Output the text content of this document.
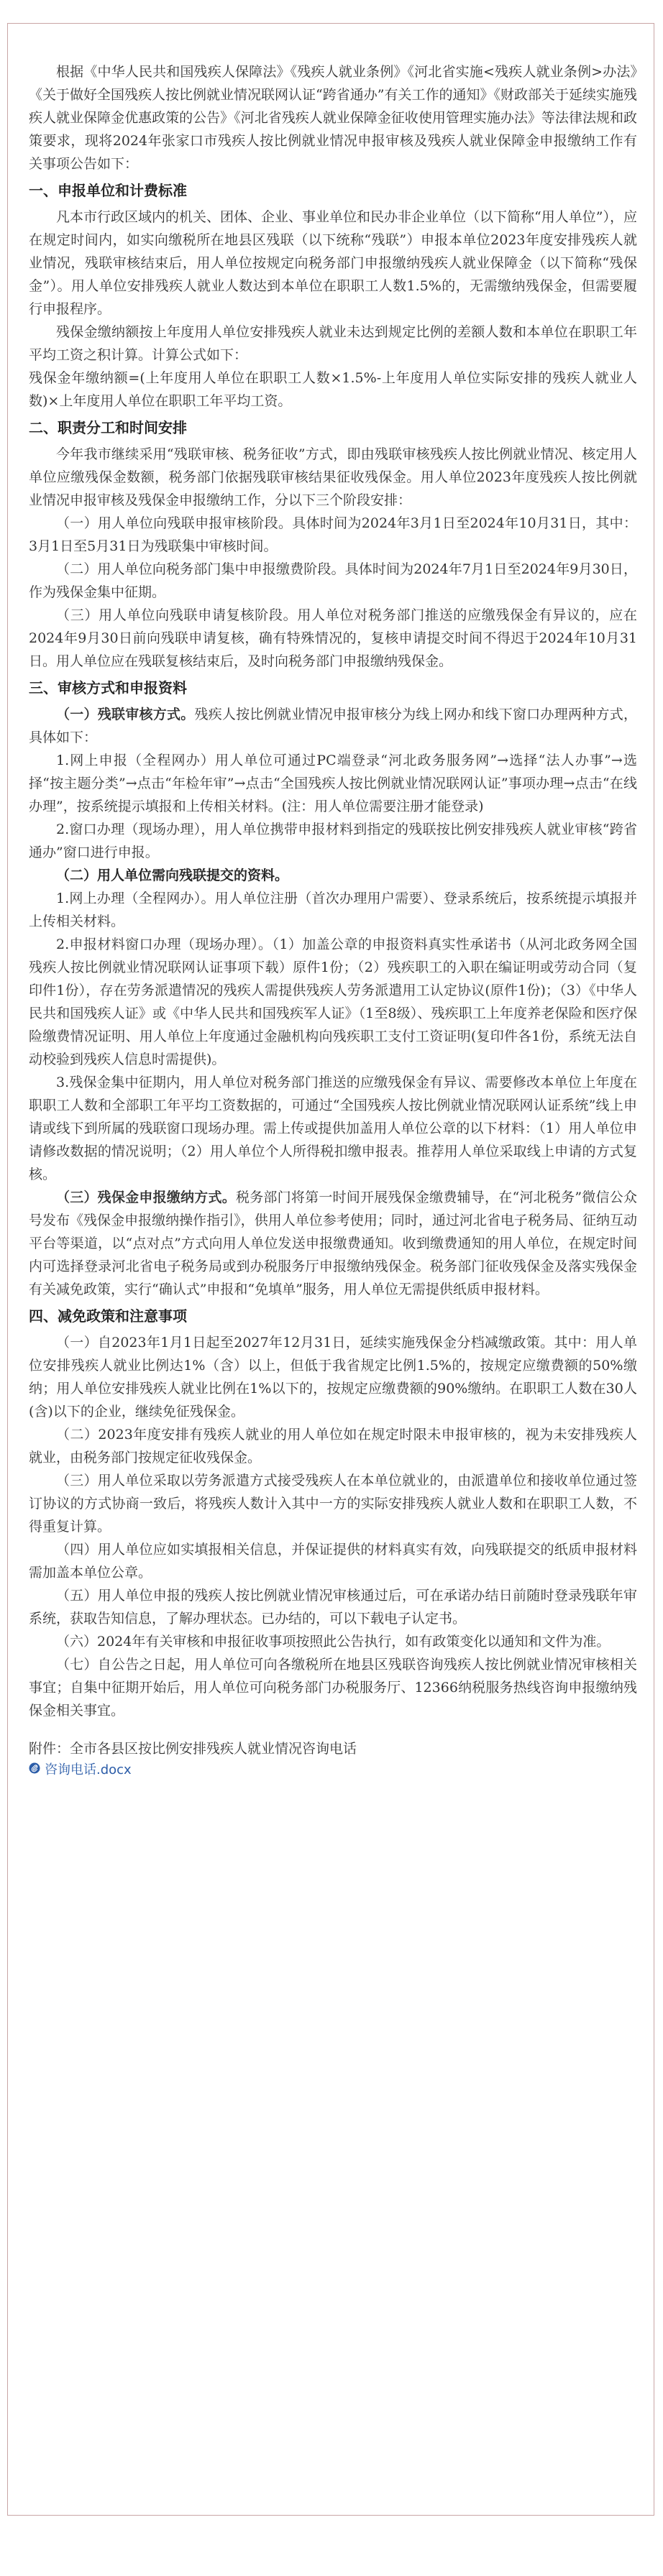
根据《中华人民共和国残疾人保障法》《残疾人就业条例》《河北省实施<残疾人就业条例>办法》《关于做好全国残疾人按比例就业情况联网认证“跨省通办”有关工作的通知》《财政部关于延续实施残疾人就业保障金优惠政策的公告》《河北省残疾人就业保障金征收使用管理实施办法》等法律法规和政策要求，现将2024年张家口市残疾人按比例就业情况申报审核及残疾人就业保障金申报缴纳工作有关事项公告如下：

一、申报单位和计费标准

凡本市行政区域内的机关、团体、企业、事业单位和民办非企业单位（以下简称“用人单位”），应在规定时间内，如实向缴税所在地县区残联（以下统称“残联”）申报本单位2023年度安排残疾人就业情况，残联审核结束后，用人单位按规定向税务部门申报缴纳残疾人就业保障金（以下简称“残保金”）。用人单位安排残疾人就业人数达到本单位在职职工人数1.5%的，无需缴纳残保金，但需要履行申报程序。

残保金缴纳额按上年度用人单位安排残疾人就业未达到规定比例的差额人数和本单位在职职工年平均工资之积计算。计算公式如下：

残保金年缴纳额=(上年度用人单位在职职工人数×1.5%-上年度用人单位实际安排的残疾人就业人数)×上年度用人单位在职职工年平均工资。

二、职责分工和时间安排

今年我市继续采用“残联审核、税务征收”方式，即由残联审核残疾人按比例就业情况、核定用人单位应缴残保金数额，税务部门依据残联审核结果征收残保金。用人单位2023年度残疾人按比例就业情况申报审核及残保金申报缴纳工作，分以下三个阶段安排：

（一）用人单位向残联申报审核阶段。具体时间为2024年3月1日至2024年10月31日，其中：3月1日至5月31日为残联集中审核时间。

（二）用人单位向税务部门集中申报缴费阶段。具体时间为2024年7月1日至2024年9月30日，作为残保金集中征期。

（三）用人单位向残联申请复核阶段。用人单位对税务部门推送的应缴残保金有异议的，应在2024年9月30日前向残联申请复核，确有特殊情况的，复核申请提交时间不得迟于2024年10月31日。用人单位应在残联复核结束后，及时向税务部门申报缴纳残保金。

三、审核方式和申报资料

（一）残联审核方式。残疾人按比例就业情况申报审核分为线上网办和线下窗口办理两种方式，具体如下：

1.网上申报（全程网办）用人单位可通过PC端登录“河北政务服务网”→选择“法人办事”→选择“按主题分类”→点击“年检年审”→点击“全国残疾人按比例就业情况联网认证”事项办理→点击“在线办理”，按系统提示填报和上传相关材料。(注：用人单位需要注册才能登录)

2.窗口办理（现场办理），用人单位携带申报材料到指定的残联按比例安排残疾人就业审核“跨省通办”窗口进行申报。

（二）用人单位需向残联提交的资料。

1.网上办理（全程网办）。用人单位注册（首次办理用户需要）、登录系统后，按系统提示填报并上传相关材料。

2.申报材料窗口办理（现场办理）。（1）加盖公章的申报资料真实性承诺书（从河北政务网全国残疾人按比例就业情况联网认证事项下载）原件1份；（2）残疾职工的入职在编证明或劳动合同（复印件1份），存在劳务派遣情况的残疾人需提供残疾人劳务派遣用工认定协议(原件1份)；（3）《中华人民共和国残疾人证》或《中华人民共和国残疾军人证》（1至8级）、残疾职工上年度养老保险和医疗保险缴费情况证明、用人单位上年度通过金融机构向残疾职工支付工资证明(复印件各1份，系统无法自动校验到残疾人信息时需提供)。

3.残保金集中征期内，用人单位对税务部门推送的应缴残保金有异议、需要修改本单位上年度在职职工人数和全部职工年平均工资数据的，可通过“全国残疾人按比例就业情况联网认证系统”线上申请或线下到所属的残联窗口现场办理。需上传或提供加盖用人单位公章的以下材料：（1）用人单位申请修改数据的情况说明；（2）用人单位个人所得税扣缴申报表。推荐用人单位采取线上申请的方式复核。

（三）残保金申报缴纳方式。税务部门将第一时间开展残保金缴费辅导，在“河北税务”微信公众号发布《残保金申报缴纳操作指引》，供用人单位参考使用；同时，通过河北省电子税务局、征纳互动平台等渠道，以“点对点”方式向用人单位发送申报缴费通知。收到缴费通知的用人单位，在规定时间内可选择登录河北省电子税务局或到办税服务厅申报缴纳残保金。税务部门征收残保金及落实残保金有关减免政策，实行“确认式”申报和“免填单”服务，用人单位无需提供纸质申报材料。

四、减免政策和注意事项

（一）自2023年1月1日起至2027年12月31日，延续实施残保金分档减缴政策。其中：用人单位安排残疾人就业比例达1%（含）以上，但低于我省规定比例1.5%的，按规定应缴费额的50%缴纳；用人单位安排残疾人就业比例在1%以下的，按规定应缴费额的90%缴纳。在职职工人数在30人(含)以下的企业，继续免征残保金。

（二）2023年度安排有残疾人就业的用人单位如在规定时限未申报审核的，视为未安排残疾人就业，由税务部门按规定征收残保金。

（三）用人单位采取以劳务派遣方式接受残疾人在本单位就业的，由派遣单位和接收单位通过签订协议的方式协商一致后，将残疾人数计入其中一方的实际安排残疾人就业人数和在职职工人数，不得重复计算。

（四）用人单位应如实填报相关信息，并保证提供的材料真实有效，向残联提交的纸质申报材料需加盖本单位公章。

（五）用人单位申报的残疾人按比例就业情况审核通过后，可在承诺办结日前随时登录残联年审系统，获取告知信息，了解办理状态。已办结的，可以下载电子认定书。

（六）2024年有关审核和申报征收事项按照此公告执行，如有政策变化以通知和文件为准。

（七）自公告之日起，用人单位可向各缴税所在地县区残联咨询残疾人按比例就业情况审核相关事宜；自集中征期开始后，用人单位可向税务部门办税服务厅、12366纳税服务热线咨询申报缴纳残保金相关事宜。

附件：全市各县区按比例安排残疾人就业情况咨询电话
咨询电话.docx
